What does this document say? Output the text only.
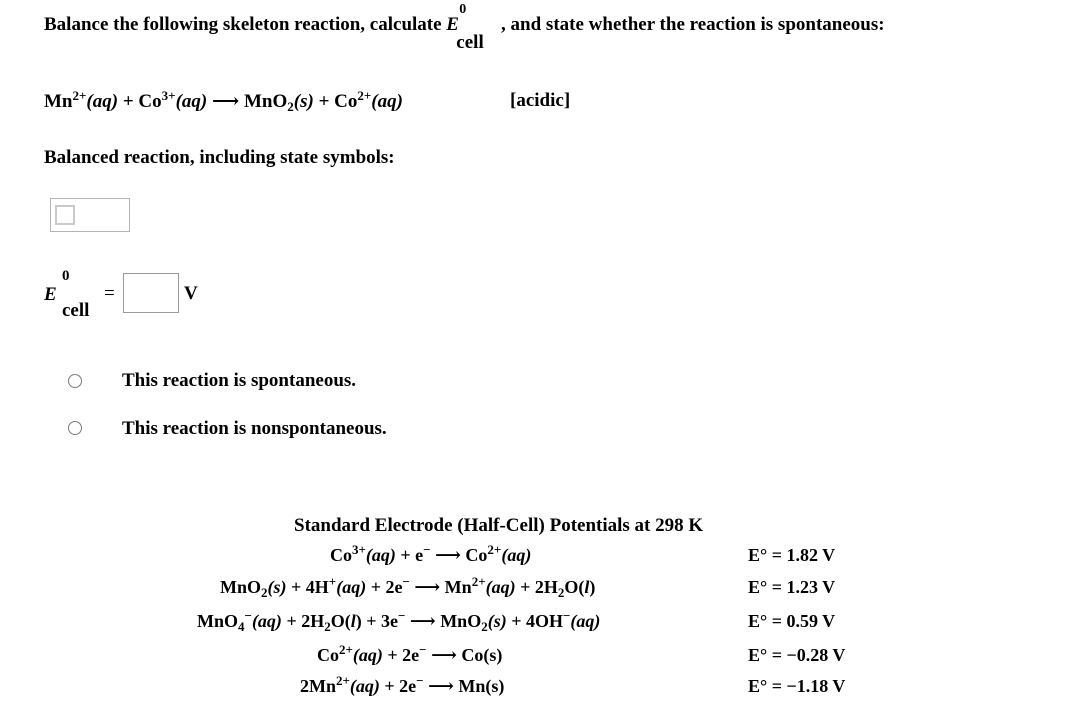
Balance the following skeleton reaction, calculate E
0
cell
, and state whether the reaction is spontaneous:
$Mn^{2+}(aq) + Co^{3+}(aq)$ ⟶ $MnO_2(s) + Co^{2+}(aq)$	[acidic]
Balanced reaction, including state symbols:
E
0
cell
=	V
This reaction is spontaneous.
This reaction is nonspontaneous.
Standard Electrode (Half-Cell) Potentials at 298 K
$Co^{3+}(aq) + e^-$ ⟶ $Co^{2+}(aq)$	E° = 1.82 V
MnO$_2$(s) + 4H+(aq) + 2e− ⟶ $Mn^{2+}(aq) + 2H_2O(l)$	E° = 1.23 V
$MnO_4^-(aq) + 2H_2O(l) + 3e^-$ ⟶ MnO$_2$(s) + 4OH−(aq)	E° = 0.59 V
$Co^{2+}(aq) + 2e^-$ ⟶ Co(s)	E° = −0.28 V
$2Mn^{2+}(aq) + 2e^-$ ⟶ Mn(s)	E° = −1.18 V
